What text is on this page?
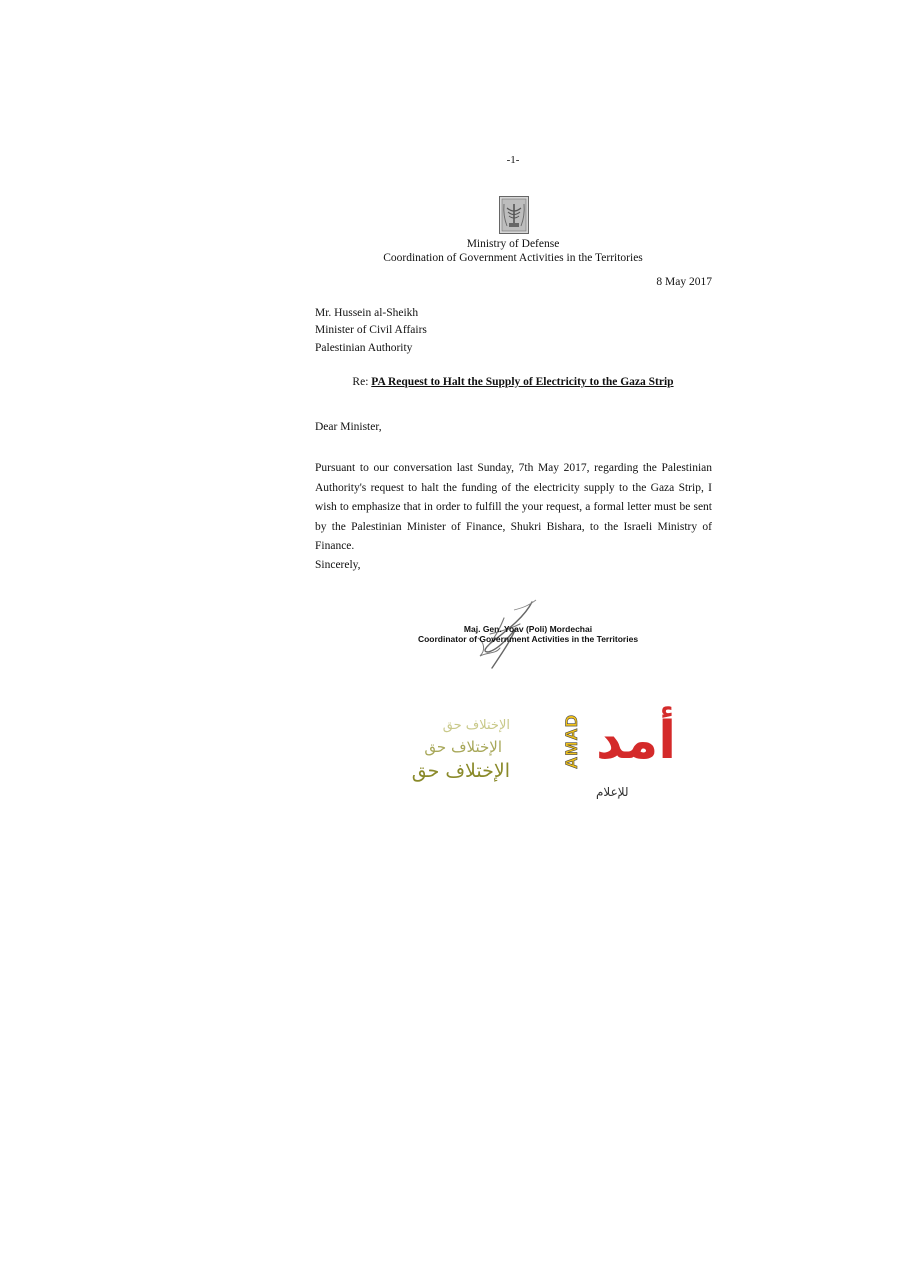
-1-
Ministry of Defense
Coordination of Government Activities in the Territories
8 May 2017
Mr. Hussein al-Sheikh
Minister of Civil Affairs
Palestinian Authority
Re: PA Request to Halt the Supply of Electricity to the Gaza Strip
Dear Minister,
Pursuant to our conversation last Sunday, 7th May 2017, regarding the Palestinian Authority's request to halt the funding of the electricity supply to the Gaza Strip, I wish to emphasize that in order to fulfill the your request, a formal letter must be sent by the Palestinian Minister of Finance, Shukri Bishara, to the Israeli Ministry of Finance.
Sincerely,
Maj. Gen. Yoav (Poli) Mordechai
Coordinator of Government Activities in the Territories
الإختلاف حق
الإختلاف حق
الإختلاف حق
AMAD أمد
للإعلام
